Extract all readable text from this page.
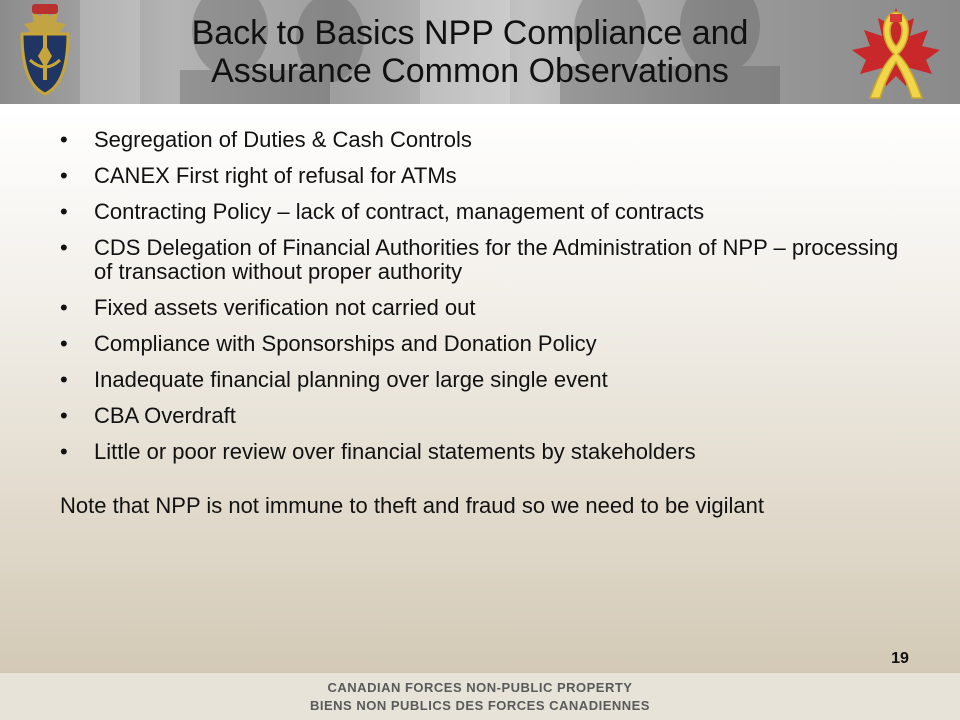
Back to Basics NPP Compliance and
Assurance Common Observations
• Segregation of Duties & Cash Controls
• CANEX First right of refusal for ATMs
• Contracting Policy – lack of contract, management of contracts
• CDS Delegation of Financial Authorities for the Administration of NPP – processing of transaction without proper authority
• Fixed assets verification not carried out
• Compliance with Sponsorships and Donation Policy
• Inadequate financial planning over large single event
• CBA Overdraft
• Little or poor review over financial statements by stakeholders

Note that NPP is not immune to theft and fraud so we need to be vigilant

19
CANADIAN FORCES NON-PUBLIC PROPERTY
BIENS NON PUBLICS DES FORCES CANADIENNES
